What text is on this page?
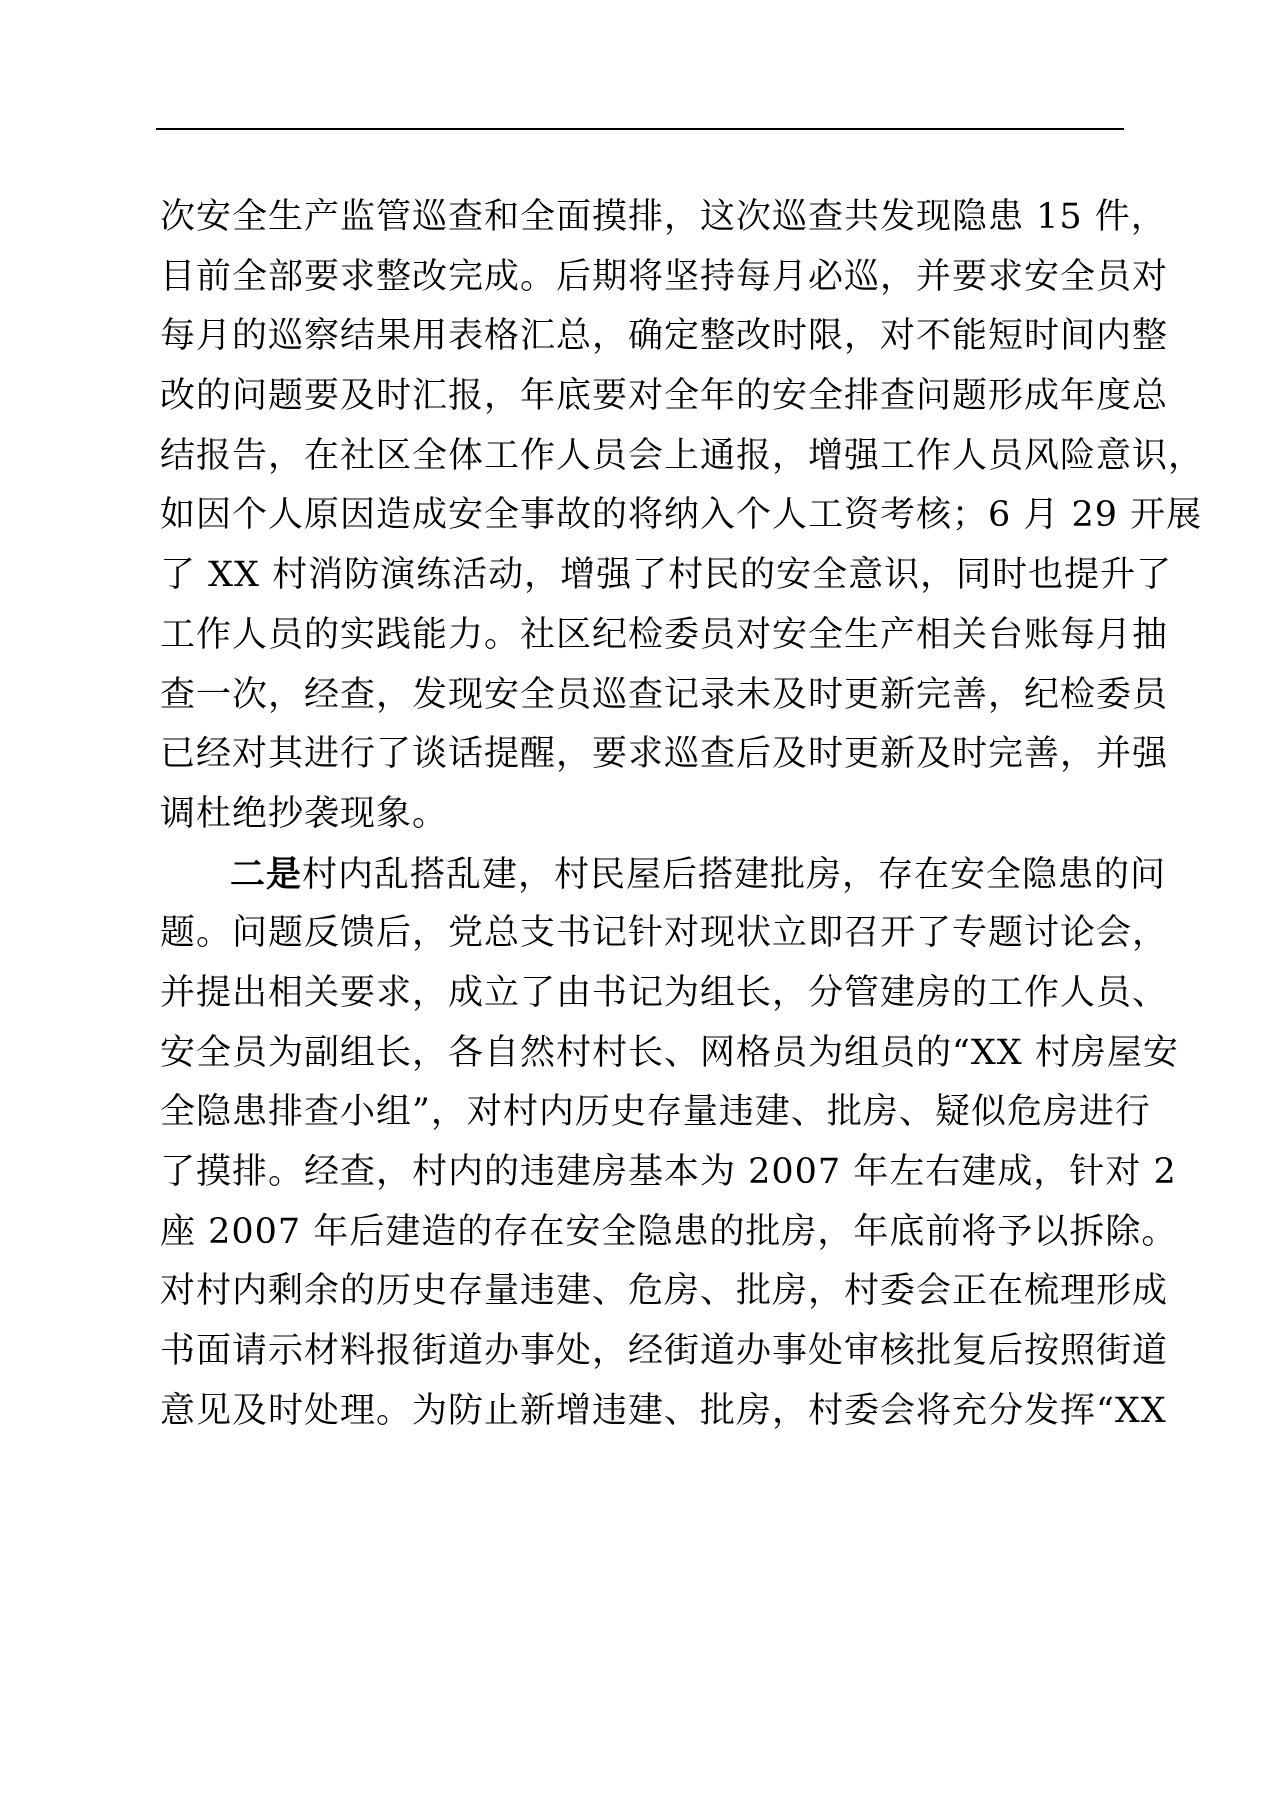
次安全生产监管巡查和全面摸排，这次巡查共发现隐患 15 件，
目前全部要求整改完成。后期将坚持每月必巡，并要求安全员对
每月的巡察结果用表格汇总，确定整改时限，对不能短时间内整
改的问题要及时汇报，年底要对全年的安全排查问题形成年度总
结报告，在社区全体工作人员会上通报，增强工作人员风险意识，
如因个人原因造成安全事故的将纳入个人工资考核；6 月 29 开展
了 XX 村消防演练活动，增强了村民的安全意识，同时也提升了
工作人员的实践能力。社区纪检委员对安全生产相关台账每月抽
查一次，经查，发现安全员巡查记录未及时更新完善，纪检委员
已经对其进行了谈话提醒，要求巡查后及时更新及时完善，并强
调杜绝抄袭现象。
二是村内乱搭乱建，村民屋后搭建批房，存在安全隐患的问
题。问题反馈后，党总支书记针对现状立即召开了专题讨论会，
并提出相关要求，成立了由书记为组长，分管建房的工作人员、
安全员为副组长，各自然村村长、网格员为组员的“XX 村房屋安
全隐患排查小组”，对村内历史存量违建、批房、疑似危房进行
了摸排。经查，村内的违建房基本为 2007 年左右建成，针对 2
座 2007 年后建造的存在安全隐患的批房，年底前将予以拆除。
对村内剩余的历史存量违建、危房、批房，村委会正在梳理形成
书面请示材料报街道办事处，经街道办事处审核批复后按照街道
意见及时处理。为防止新增违建、批房，村委会将充分发挥“XX
